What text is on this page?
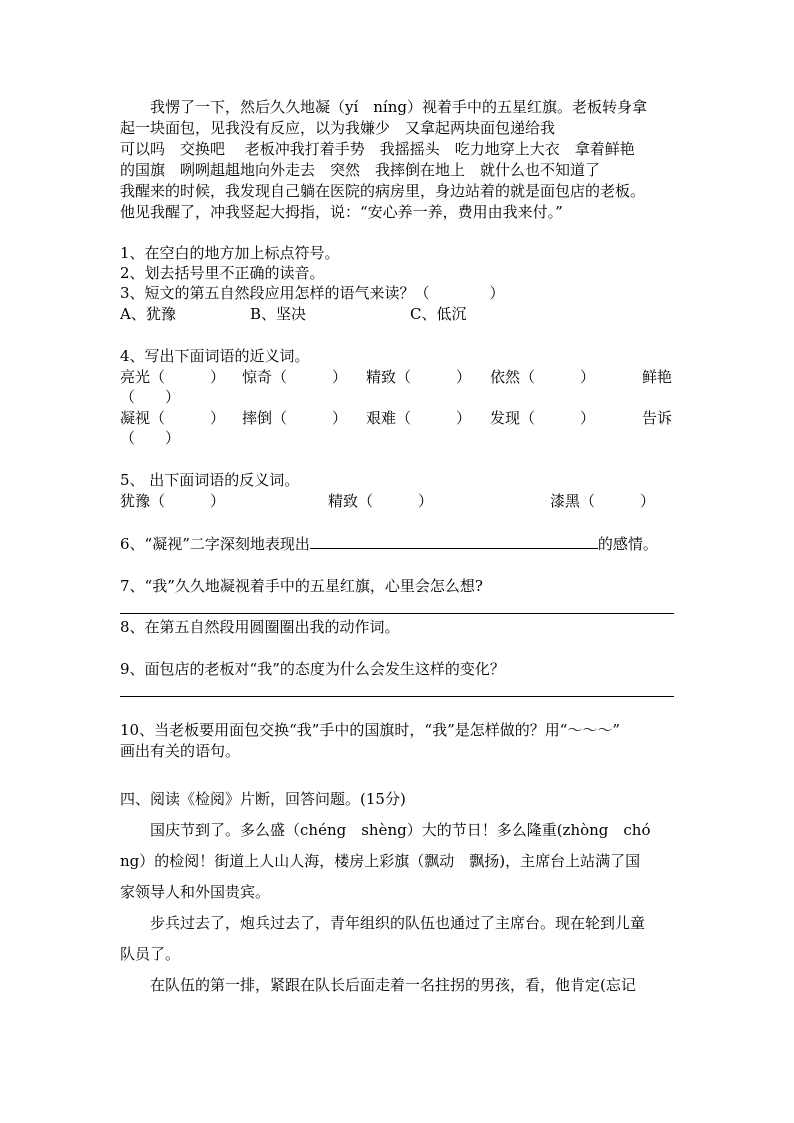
我愣了一下，然后久久地凝（yí　níng）视着手中的五星红旗。老板转身拿
起一块面包，见我没有反应，以为我嫌少　又拿起两块面包递给我
可以吗　交换吧　 老板冲我打着手势　我摇摇头　吃力地穿上大衣　拿着鲜艳
的国旗　咧咧趄趄地向外走去　突然　我摔倒在地上　就什么也不知道了
我醒来的时候，我发现自己躺在医院的病房里，身边站着的就是面包店的老板。
他见我醒了，冲我竖起大拇指，说：“安心养一养，费用由我来付。”
1、在空白的地方加上标点符号。
2、划去括号里不正确的读音。
3、短文的第五自然段应用怎样的语气来读？（　　　　）
A、犹豫	B、坚决	C、低沉
4、写出下面词语的近义词。
亮光（　　　） 惊奇（　　　） 精致（　　　） 依然（　　　）	鲜艳
（　　）
凝视（　　　） 摔倒（　　　） 艰难（　　　） 发现（　　　）	告诉
（　　）
5、 出下面词语的反义词。
犹豫（　　　）	精致（　　　）	漆黑（　　　）
6、“凝视”二字深刻地表现出	的感情。
7、“我”久久地凝视着手中的五星红旗，心里会怎么想?
8、在第五自然段用圆圈圈出我的动作词。
9、面包店的老板对“我”的态度为什么会发生这样的变化？
10、当老板要用面包交换“我”手中的国旗时，“我”是怎样做的？用“～～～”
画出有关的语句。
四、阅读《检阅》片断，回答问题。(15分)
国庆节到了。多么盛（chéng　shèng）大的节日！多么隆重(zhòng　chó
ng）的检阅！街道上人山人海，楼房上彩旗（飘动　飘扬)，主席台上站满了国
家领导人和外国贵宾。
步兵过去了，炮兵过去了，青年组织的队伍也通过了主席台。现在轮到儿童
队员了。
在队伍的第一排，紧跟在队长后面走着一名拄拐的男孩，看，他肯定(忘记
